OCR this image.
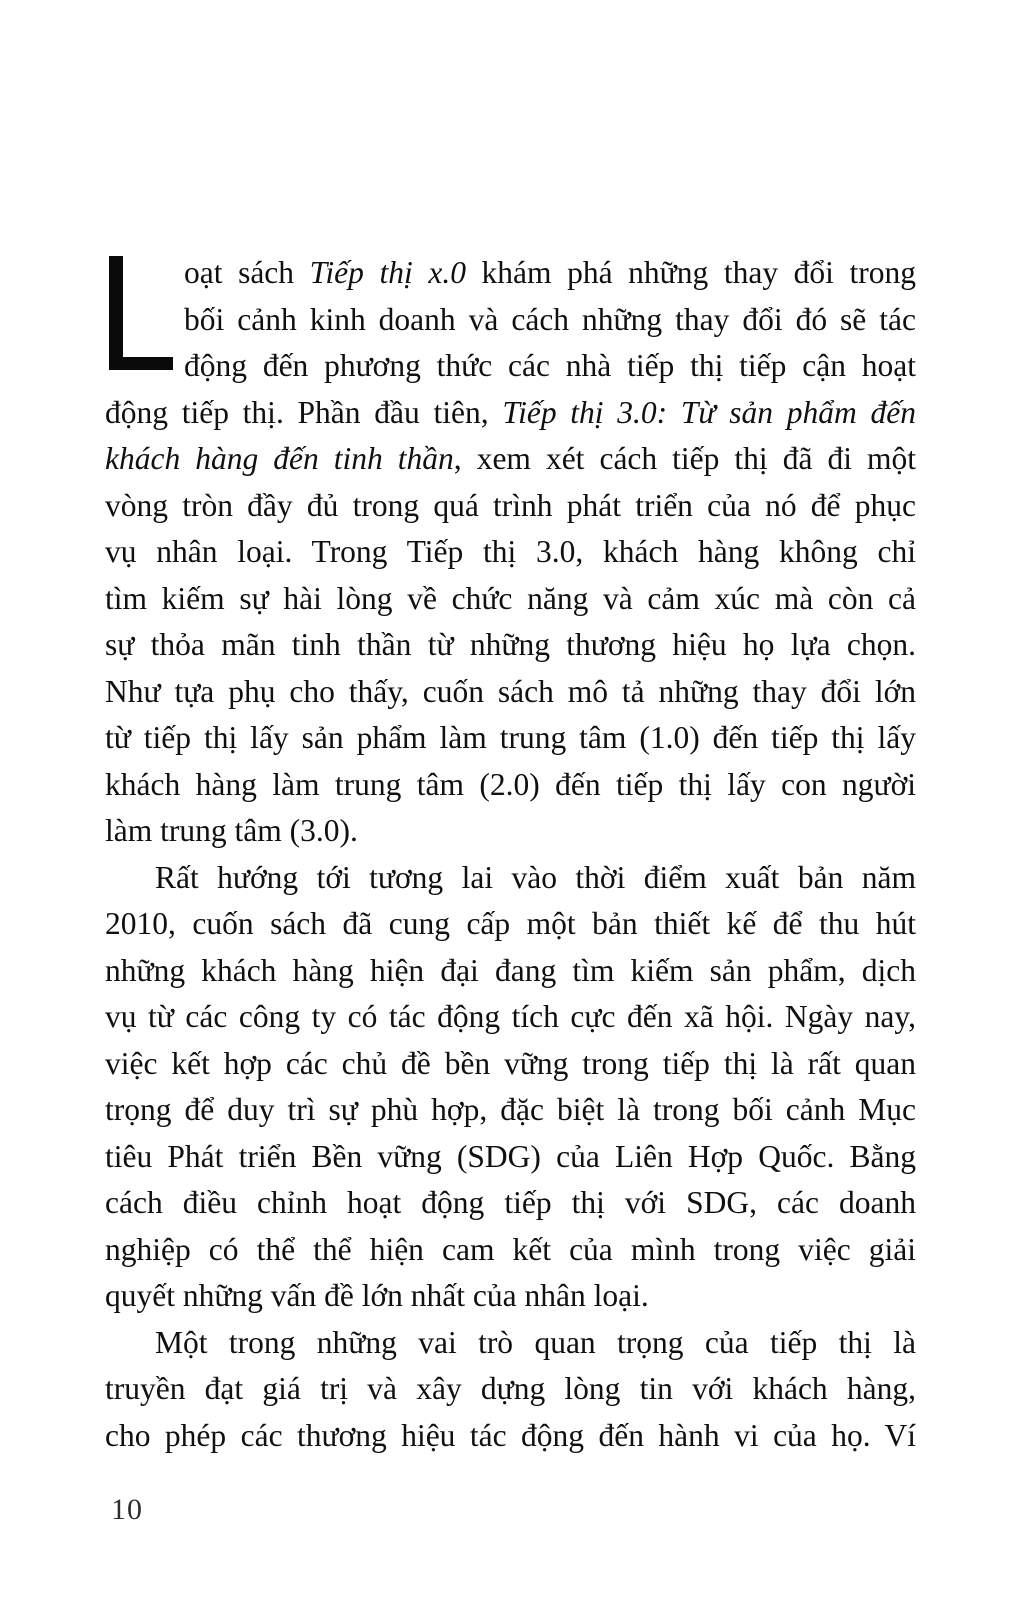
oạt sách Tiếp thị x.0 khám phá những thay đổi trong
bối cảnh kinh doanh và cách những thay đổi đó sẽ tác
động đến phương thức các nhà tiếp thị tiếp cận hoạt
động tiếp thị. Phần đầu tiên, Tiếp thị 3.0: Từ sản phẩm đến
khách hàng đến tinh thần, xem xét cách tiếp thị đã đi một
vòng tròn đầy đủ trong quá trình phát triển của nó để phục
vụ nhân loại. Trong Tiếp thị 3.0, khách hàng không chỉ
tìm kiếm sự hài lòng về chức năng và cảm xúc mà còn cả
sự thỏa mãn tinh thần từ những thương hiệu họ lựa chọn.
Như tựa phụ cho thấy, cuốn sách mô tả những thay đổi lớn
từ tiếp thị lấy sản phẩm làm trung tâm (1.0) đến tiếp thị lấy
khách hàng làm trung tâm (2.0) đến tiếp thị lấy con người
làm trung tâm (3.0).
Rất hướng tới tương lai vào thời điểm xuất bản năm
2010, cuốn sách đã cung cấp một bản thiết kế để thu hút
những khách hàng hiện đại đang tìm kiếm sản phẩm, dịch
vụ từ các công ty có tác động tích cực đến xã hội. Ngày nay,
việc kết hợp các chủ đề bền vững trong tiếp thị là rất quan
trọng để duy trì sự phù hợp, đặc biệt là trong bối cảnh Mục
tiêu Phát triển Bền vững (SDG) của Liên Hợp Quốc. Bằng
cách điều chỉnh hoạt động tiếp thị với SDG, các doanh
nghiệp có thể thể hiện cam kết của mình trong việc giải
quyết những vấn đề lớn nhất của nhân loại.
Một trong những vai trò quan trọng của tiếp thị là
truyền đạt giá trị và xây dựng lòng tin với khách hàng,
cho phép các thương hiệu tác động đến hành vi của họ. Ví
10
